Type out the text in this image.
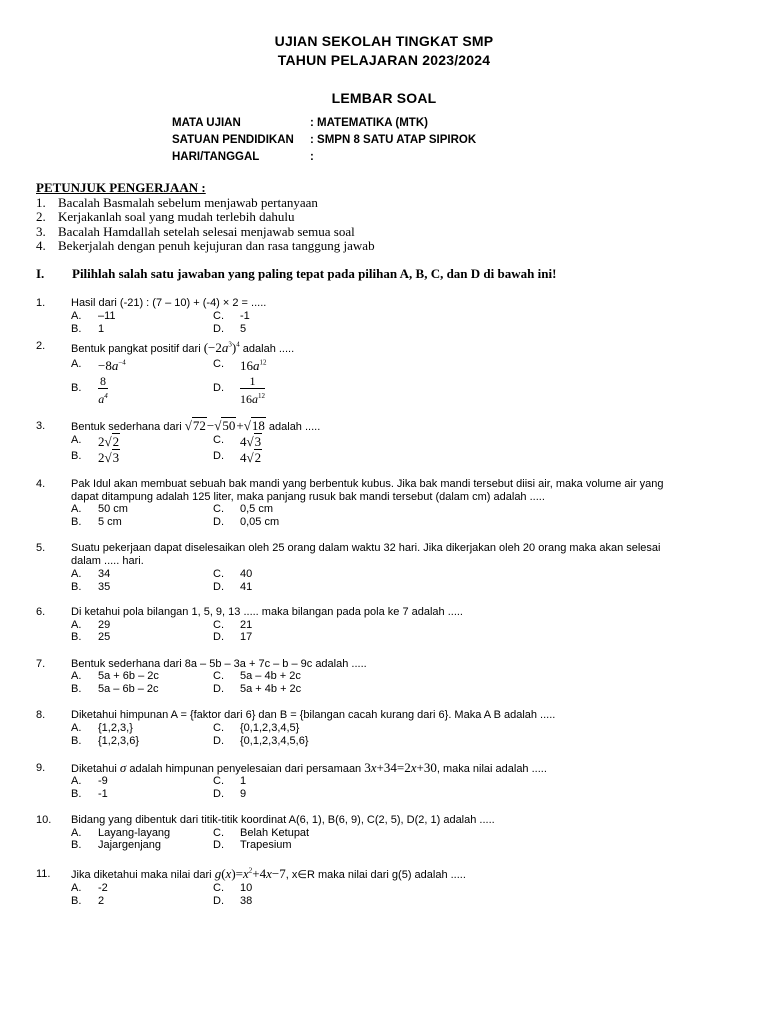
UJIAN SEKOLAH TINGKAT SMP
TAHUN PELAJARAN 2023/2024
LEMBAR SOAL
MATA UJIAN	: MATEMATIKA (MTK)
SATUAN PENDIDIKAN : SMPN 8 SATU ATAP SIPIROK
HARI/TANGGAL	:
PETUNJUK PENGERJAAN :
1. Bacalah Basmalah sebelum menjawab pertanyaan
2. Kerjakanlah soal yang mudah terlebih dahulu
3. Bacalah Hamdallah setelah selesai menjawab semua soal
4. Bekerjalah dengan penuh kejujuran dan rasa tanggung jawab
I. Pilihlah salah satu jawaban yang paling tepat pada pilihan A, B, C, dan D di bawah ini!
1. Hasil dari (-21) : (7 – 10) + (-4) × 2 = .....
A.	–11
B.	1
C.	-1
D.	5
2. Bentuk pangkat positif dari $(-2a^3)^4$ adalah .....
A.	$-8a^{-4}$
B.	$\frac{8}{a^4}$
C.	$16a^{12}$
D.	$\frac{1}{16a^{12}}$
3. Bentuk sederhana dari √72−√50+√18 adalah .....
A.	2√2
B.	2√3
C.	4√3
D.	4√2
4. Pak Idul akan membuat sebuah bak mandi yang berbentuk kubus. Jika bak mandi tersebut diisi air, maka volume air yang
dapat ditampung adalah 125 liter, maka panjang rusuk bak mandi tersebut (dalam cm) adalah .....
A.	50 cm
B.	5 cm
C.	0,5 cm
D.	0,05 cm
5. Suatu pekerjaan dapat diselesaikan oleh 25 orang dalam waktu 32 hari. Jika dikerjakan oleh 20 orang maka akan selesai
dalam ..... hari.
A.	34
B.	35
C.	40
D.	41
6. Di ketahui pola bilangan 1, 5, 9, 13 ..... maka bilangan pada pola ke 7 adalah .....
A.	29
B.	25
C.	21
D.	17
7. Bentuk sederhana dari 8a – 5b – 3a + 7c – b – 9c adalah .....
A.	5a + 6b – 2c
B.	5a – 6b – 2c
C.	5a – 4b + 2c
D.	5a + 4b + 2c
8. Diketahui himpunan A = {faktor dari 6} dan B = {bilangan cacah kurang dari 6}. Maka A B adalah .....
A.	{1,2,3,}
B.	{1,2,3,6}
C.	{0,1,2,3,4,5}
D.	{0,1,2,3,4,5,6}
9. Diketahui σ adalah himpunan penyelesaian dari persamaan 3x+34=2x+30, maka nilai adalah .....
A.	-9
B.	-1
C.	1
D.	9
10. Bidang yang dibentuk dari titik-titik koordinat A(6, 1), B(6, 9), C(2, 5), D(2, 1) adalah .....
A.	Layang-layang
B.	Jajargenjang
C.	Belah Ketupat
D.	Trapesium
11. Jika diketahui maka nilai dari $g(x)=x^2+4x-7$, x∈R maka nilai dari g(5) adalah .....
A.	-2
B.	2
C.	10
D.	38
